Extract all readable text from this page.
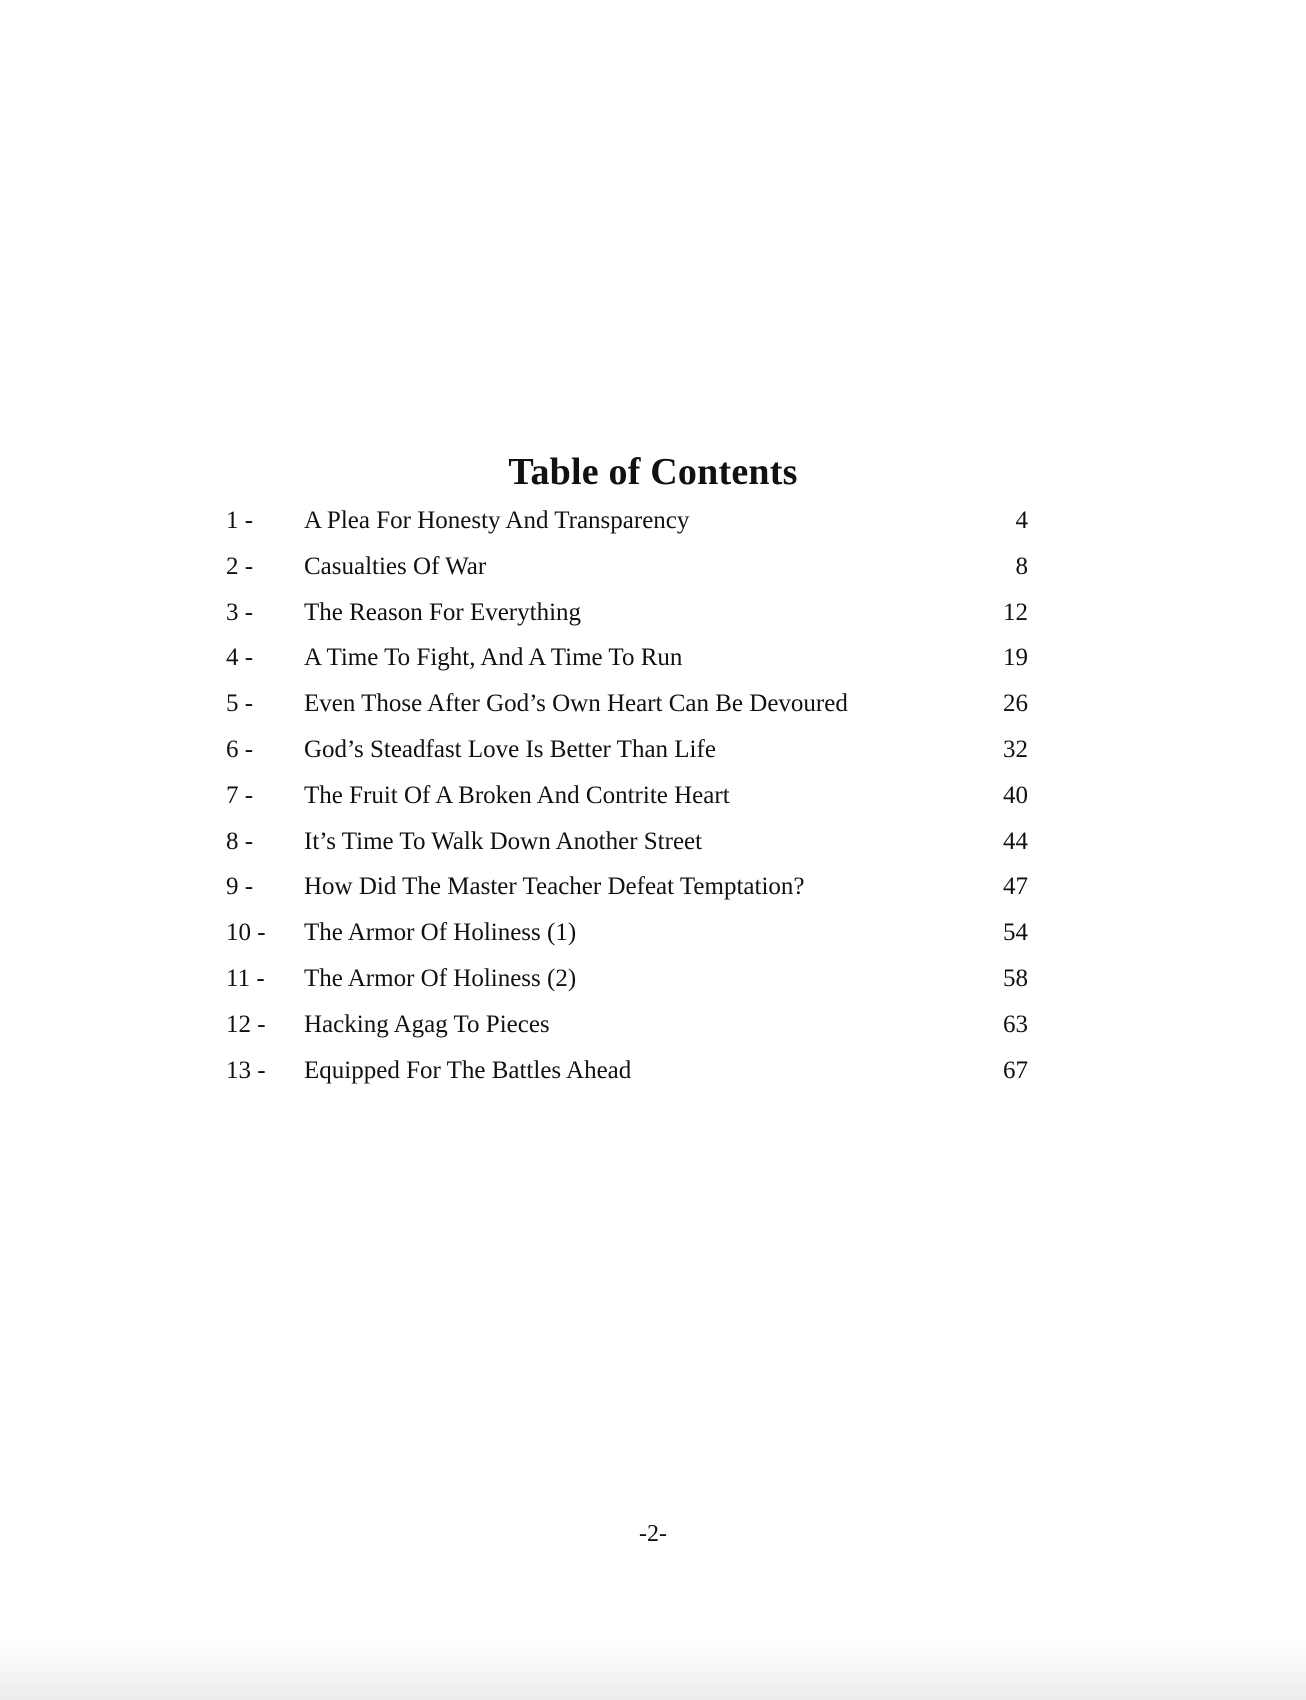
Table of Contents
1 - A Plea For Honesty And Transparency	4
2 - Casualties Of War	8
3 - The Reason For Everything	12
4 - A Time To Fight, And A Time To Run	19
5 - Even Those After God’s Own Heart Can Be Devoured	26
6 - God’s Steadfast Love Is Better Than Life	32
7 - The Fruit Of A Broken And Contrite Heart	40
8 - It’s Time To Walk Down Another Street	44
9 - How Did The Master Teacher Defeat Temptation?	47
10 - The Armor Of Holiness (1)	54
11 - The Armor Of Holiness (2)	58
12 - Hacking Agag To Pieces	63
13 - Equipped For The Battles Ahead	67
-2-
